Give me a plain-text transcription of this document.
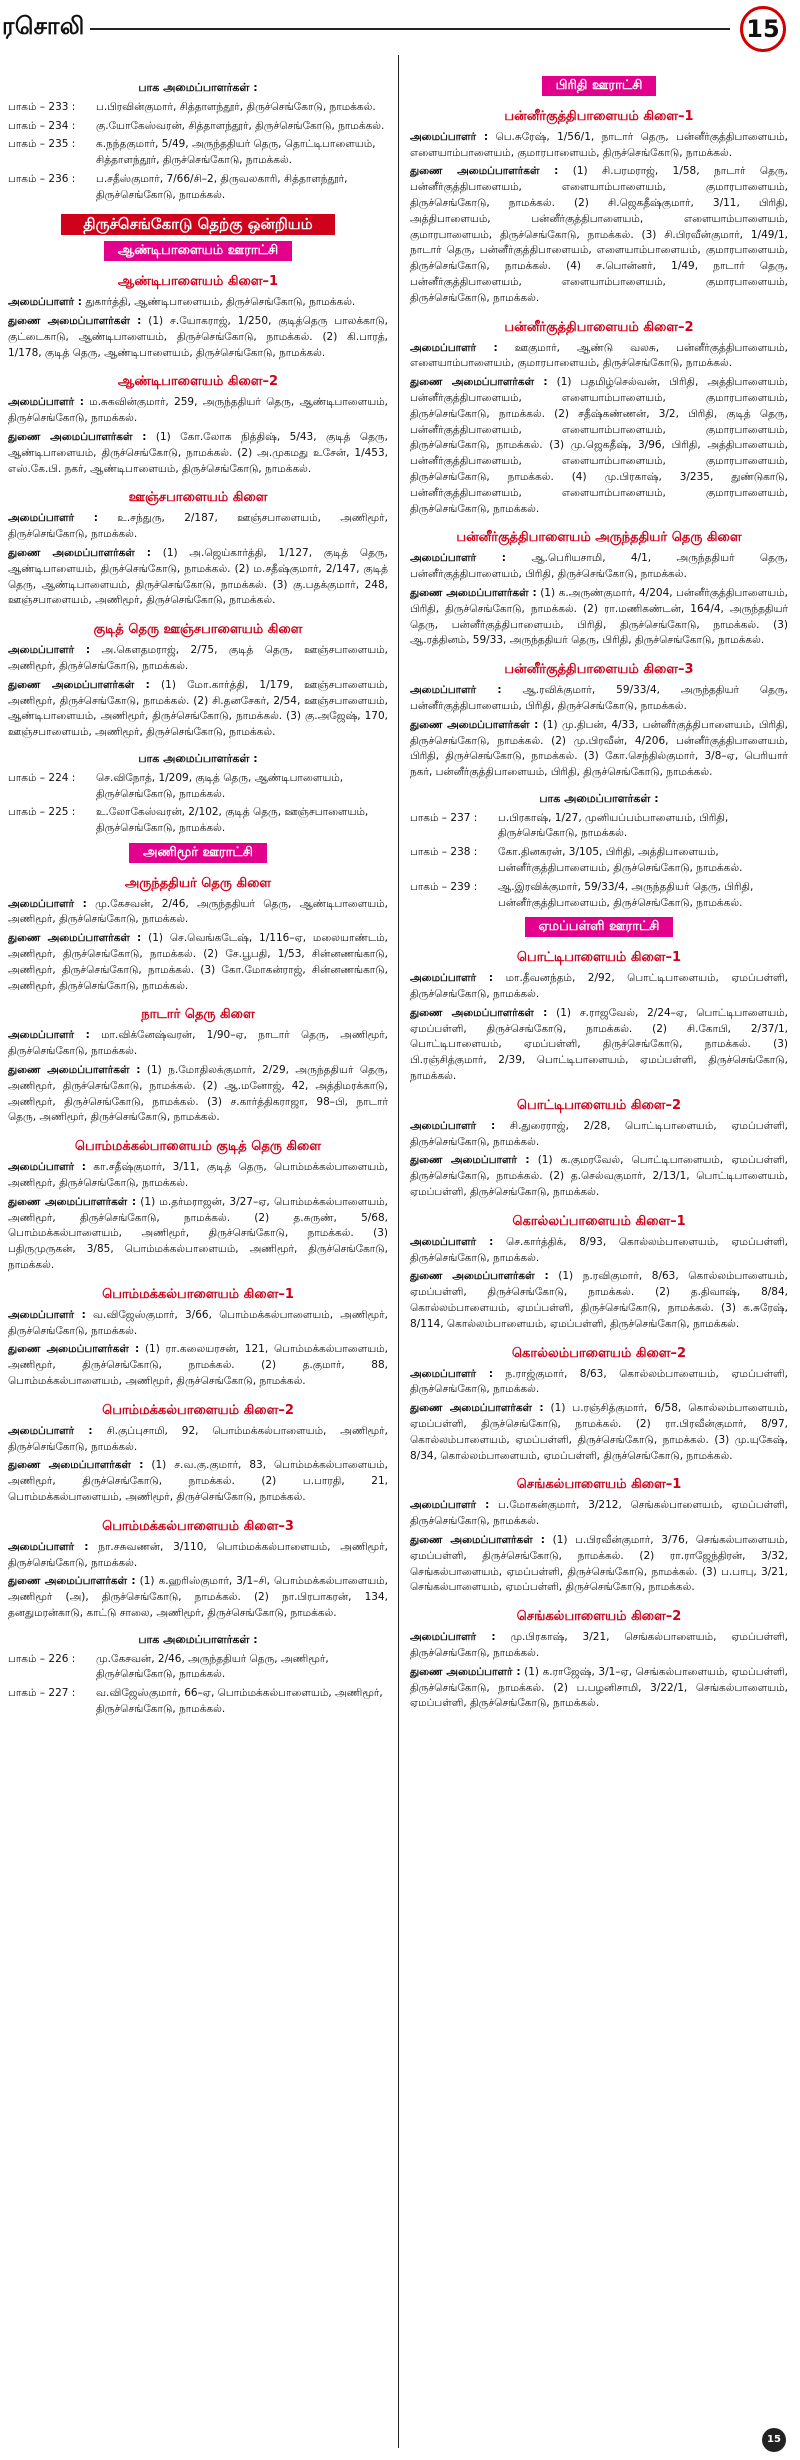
ரசொலி	15
பாக அமைப்பாளர்கள் :
பாகம் – 233 :	ப.பிரவின்குமார், சித்தாளந்தூர், திருச்செங்கோடு, நாமக்கல்.
பாகம் – 234 :	கு.யோகேஸ்வரன், சித்தாளந்தூர், திருச்செங்கோடு, நாமக்கல்.
பாகம் – 235 :	க.நந்தகுமார், 5/49, அருந்ததியர் தெரு, தொட்டிபாளையம், சித்தாளந்தூர், திருச்செங்கோடு, நாமக்கல்.
பாகம் – 236 :	ப.சதீஸ்குமார், 7/66/சி–2, திருவலகாரி, சித்தாளந்தூர், திருச்செங்கோடு, நாமக்கல்.
திருச்செங்கோடு தெற்கு ஒன்றியம்
ஆண்டிபாளையம் ஊராட்சி
ஆண்டிபாளையம் கிளை–1
அமைப்பாளர் : துகார்த்தி, ஆண்டிபாளையம், திருச்செங்கோடு, நாமக்கல்.
துணை அமைப்பாளர்கள் : (1) ச.யோகராஜ், 1/250, குடித்தெரு பாலக்காடு, குட்டைகாடு, ஆண்டிபாளையம், திருச்செங்கோடு, நாமக்கல். (2) கி.பாரத், 1/178, குடித் தெரு, ஆண்டிபாளையம், திருச்செங்கோடு, நாமக்கல்.
ஆண்டிபாளையம் கிளை–2
அமைப்பாளர் : ம.சுகவின்குமார், 259, அருந்ததியர் தெரு, ஆண்டிபாளையம், திருச்செங்கோடு, நாமக்கல்.
துணை அமைப்பாளர்கள் : (1) கோ.லோக நித்திஷ், 5/43, குடித் தெரு, ஆண்டிபாளையம், திருச்செங்கோடு, நாமக்கல். (2) அ.முகமது உசேன், 1/453, எஸ்.கே.பி. நகர், ஆண்டிபாளையம், திருச்செங்கோடு, நாமக்கல்.
ஊஞ்சபாளையம் கிளை
அமைப்பாளர் : உ.சந்துரு, 2/187, ஊஞ்சபாளையம், அணிமூர், திருச்செங்கோடு, நாமக்கல்.
துணை அமைப்பாளர்கள் : (1) அ.ஜெய்கார்த்தி, 1/127, குடித் தெரு, ஆண்டிபாளையம், திருச்செங்கோடு, நாமக்கல். (2) ம.சதீஷ்குமார், 2/147, குடித் தெரு, ஆண்டிபாளையம், திருச்செங்கோடு, நாமக்கல். (3) கு.பதக்குமார், 248, ஊஞ்சபாளையம், அணிமூர், திருச்செங்கோடு, நாமக்கல்.
குடித் தெரு ஊஞ்சபாளையம் கிளை
அமைப்பாளர் : அ.கௌதமராஜ், 2/75, குடித் தெரு, ஊஞ்சபாளையம், அணிமூர், திருச்செங்கோடு, நாமக்கல்.
துணை அமைப்பாளர்கள் : (1) மோ.கார்த்தி, 1/179, ஊஞ்சபாளையம், அணிமூர், திருச்செங்கோடு, நாமக்கல். (2) சி.தனசேகர், 2/54, ஊஞ்சபாளையம், ஆண்டிபாளையம், அணிமூர், திருச்செங்கோடு, நாமக்கல். (3) கு.அஜேஷ், 170, ஊஞ்சபாளையம், அணிமூர், திருச்செங்கோடு, நாமக்கல்.
பாக அமைப்பாளர்கள் :
பாகம் – 224 :	செ.விநோத், 1/209, குடித் தெரு, ஆண்டிபாளையம், திருச்செங்கோடு, நாமக்கல்.
பாகம் – 225 :	உ.லோகேஸ்வரன், 2/102, குடித் தெரு, ஊஞ்சபாளையம், திருச்செங்கோடு, நாமக்கல்.
அணிமூர் ஊராட்சி
அருந்ததியர் தெரு கிளை
அமைப்பாளர் : மு.கேசவன், 2/46, அருந்ததியர் தெரு, ஆண்டிபாளையம், அணிமூர், திருச்செங்கோடு, நாமக்கல்.
துணை அமைப்பாளர்கள் : (1) செ.வெங்கடேஷ், 1/116–ஏ, மலையாண்டம், அணிமூர், திருச்செங்கோடு, நாமக்கல். (2) சே.பூபதி, 1/53, சின்னணங்காடு, அணிமூர், திருச்செங்கோடு, நாமக்கல். (3) கோ.மோகன்ராஜ், சின்னணங்காடு, அணிமூர், திருச்செங்கோடு, நாமக்கல்.
நாடார் தெரு கிளை
அமைப்பாளர் : மா.விக்னேஷ்வரன், 1/90–ஏ, நாடார் தெரு, அணிமூர், திருச்செங்கோடு, நாமக்கல்.
துணை அமைப்பாளர்கள் : (1) ந.மோதிலக்குமார், 2/29, அருந்ததியர் தெரு, அணிமூர், திருச்செங்கோடு, நாமக்கல். (2) ஆ.மனோஜ், 42, அத்திமரக்காடு, அணிமூர், திருச்செங்கோடு, நாமக்கல். (3) ச.கார்த்திகராஜா, 98–பி, நாடார் தெரு, அணிமூர், திருச்செங்கோடு, நாமக்கல்.
பொம்மக்கல்பாளையம் குடித் தெரு கிளை
அமைப்பாளர் : கா.சதீஷ்குமார், 3/11, குடித் தெரு, பொம்மக்கல்பாளையம், அணிமூர், திருச்செங்கோடு, நாமக்கல்.
துணை அமைப்பாளர்கள் : (1) ம.தர்மராஜன், 3/27–ஏ, பொம்மக்கல்பாளையம், அணிமூர், திருச்செங்கோடு, நாமக்கல். (2) த.சுருண், 5/68, பொம்மக்கல்பாளையம், அணிமூர், திருச்செங்கோடு, நாமக்கல். (3) பதிருமுருகன், 3/85, பொம்மக்கல்பாளையம், அணிமூர், திருச்செங்கோடு, நாமக்கல்.
பொம்மக்கல்பாளையம் கிளை–1
அமைப்பாளர் : வ.விஜேஸ்குமார், 3/66, பொம்மக்கல்பாளையம், அணிமூர், திருச்செங்கோடு, நாமக்கல்.
துணை அமைப்பாளர்கள் : (1) ரா.கலையரசன், 121, பொம்மக்கல்பாளையம், அணிமூர், திருச்செங்கோடு, நாமக்கல். (2) த.குமார், 88, பொம்மக்கல்பாளையம், அணிமூர், திருச்செங்கோடு, நாமக்கல்.
பொம்மக்கல்பாளையம் கிளை–2
அமைப்பாளர் : சி.குப்புசாமி, 92, பொம்மக்கல்பாளையம், அணிமூர், திருச்செங்கோடு, நாமக்கல்.
துணை அமைப்பாளர்கள் : (1) ச.வ.கு.குமார், 83, பொம்மக்கல்பாளையம், அணிமூர், திருச்செங்கோடு, நாமக்கல். (2) ப.பாரதி, 21, பொம்மக்கல்பாளையம், அணிமூர், திருச்செங்கோடு, நாமக்கல்.
பொம்மக்கல்பாளையம் கிளை–3
அமைப்பாளர் : நா.சசுவணன், 3/110, பொம்மக்கல்பாளையம், அணிமூர், திருச்செங்கோடு, நாமக்கல்.
துணை அமைப்பாளர்கள் : (1) க.ஹரிஸ்குமார், 3/1–சி, பொம்மக்கல்பாளையம், அணிமூர் (அ), திருச்செங்கோடு, நாமக்கல். (2) நா.பிரபாகரன், 134, தனதுமரன்காடு, காட்டு சாலை, அணிமூர், திருச்செங்கோடு, நாமக்கல்.
பாக அமைப்பாளர்கள் :
பாகம் – 226 :	மு.கேசவன், 2/46, அருந்ததியர் தெரு, அணிமூர், திருச்செங்கோடு, நாமக்கல்.
பாகம் – 227 :	வ.விஜேஸ்குமார், 66–ஏ, பொம்மக்கல்பாளையம், அணிமூர், திருச்செங்கோடு, நாமக்கல்.
பிரிதி ஊராட்சி
பன்னீர்குத்திபாளையம் கிளை–1
அமைப்பாளர் : பெ.சுரேஷ், 1/56/1, நாடார் தெரு, பன்னீர்குத்திபாளையம், எளையாம்பாளையம், குமாரபாளையம், திருச்செங்கோடு, நாமக்கல்.
துணை அமைப்பாளர்கள் : (1) சி.பரமராஜ், 1/58, நாடார் தெரு, பன்னீர்குத்திபாளையம், எளையாம்பாளையம், குமாரபாளையம், திருச்செங்கோடு, நாமக்கல். (2) சி.ஜெகதீஷ்குமார், 3/11, பிரிதி, அத்திபாளையம், பன்னீர்குத்திபாளையம், எளையாம்பாளையம், குமாரபாளையம், திருச்செங்கோடு, நாமக்கல். (3) சி.பிரவீன்குமார், 1/49/1, நாடார் தெரு, பன்னீர்குத்திபாளையம், எளையாம்பாளையம், குமாரபாளையம், திருச்செங்கோடு, நாமக்கல். (4) ச.பொன்னர், 1/49, நாடார் தெரு, பன்னீர்குத்திபாளையம், எளையாம்பாளையம், குமாரபாளையம், திருச்செங்கோடு, நாமக்கல்.
பன்னீர்குத்திபாளையம் கிளை–2
அமைப்பாளர் : ஊகுமார், ஆண்டு வலசு, பன்னீர்குத்திபாளையம், எளையாம்பாளையம், குமாரபாளையம், திருச்செங்கோடு, நாமக்கல்.
துணை அமைப்பாளர்கள் : (1) பதமிழ்செல்வன், பிரிதி, அத்திபாளையம், பன்னீர்குத்திபாளையம், எளையாம்பாளையம், குமாரபாளையம், திருச்செங்கோடு, நாமக்கல். (2) சதீஷ்கண்ணன், 3/2, பிரிதி, குடித் தெரு, பன்னீர்குத்திபாளையம், எளையாம்பாளையம், குமாரபாளையம், திருச்செங்கோடு, நாமக்கல். (3) மு.ஜெகதீஷ், 3/96, பிரிதி, அத்திபாளையம், பன்னீர்குத்திபாளையம், எளையாம்பாளையம், குமாரபாளையம், திருச்செங்கோடு, நாமக்கல். (4) மு.பிரகாஷ், 3/235, துண்டுகாடு, பன்னீர்குத்திபாளையம், எளையாம்பாளையம், குமாரபாளையம், திருச்செங்கோடு, நாமக்கல்.
பன்னீர்குத்திபாளையம் அருந்ததியர் தெரு கிளை
அமைப்பாளர் : ஆ.பெரியசாமி, 4/1, அருந்ததியர் தெரு, பன்னீர்குத்திபாளையம், பிரிதி, திருச்செங்கோடு, நாமக்கல்.
துணை அமைப்பாளர்கள் : (1) க.அருண்குமார், 4/204, பன்னீர்குத்திபாளையம், பிரிதி, திருச்செங்கோடு, நாமக்கல். (2) ரா.மணிகண்டன், 164/4, அருந்ததியர் தெரு, பன்னீர்குத்திபாளையம், பிரிதி, திருச்செங்கோடு, நாமக்கல். (3) ஆ.ரத்தினம், 59/33, அருந்ததியர் தெரு, பிரிதி, திருச்செங்கோடு, நாமக்கல்.
பன்னீர்குத்திபாளையம் கிளை–3
அமைப்பாளர் : ஆ.ரவிக்குமார், 59/33/4, அருந்ததியர் தெரு, பன்னீர்குத்திபாளையம், பிரிதி, திருச்செங்கோடு, நாமக்கல்.
துணை அமைப்பாளர்கள் : (1) மு.திபன், 4/33, பன்னீர்குத்திபாளையம், பிரிதி, திருச்செங்கோடு, நாமக்கல். (2) மு.பிரவீன், 4/206, பன்னீர்குத்திபாளையம், பிரிதி, திருச்செங்கோடு, நாமக்கல். (3) கோ.செந்தில்குமார், 3/8–ஏ, பெரியார் நகர், பன்னீர்குத்திபாளையம், பிரிதி, திருச்செங்கோடு, நாமக்கல்.
பாக அமைப்பாளர்கள் :
பாகம் – 237 :	ப.பிரகாஷ், 1/27, முனியப்பம்பாளையம், பிரிதி, திருச்செங்கோடு, நாமக்கல்.
பாகம் – 238 :	கோ.தினகரன், 3/105, பிரிதி, அத்திபாளையம், பன்னீர்குத்திபாளையம், திருச்செங்கோடு, நாமக்கல்.
பாகம் – 239 :	ஆ.இரவிக்குமார், 59/33/4, அருந்ததியர் தெரு, பிரிதி, பன்னீர்குத்திபாளையம், திருச்செங்கோடு, நாமக்கல்.
ஏமப்பள்ளி ஊராட்சி
பொட்டிபாளையம் கிளை–1
அமைப்பாளர் : மா.தீவனந்தம், 2/92, பொட்டிபாளையம், ஏமப்பள்ளி, திருச்செங்கோடு, நாமக்கல்.
துணை அமைப்பாளர்கள் : (1) ச.ராஜவேல், 2/24–ஏ, பொட்டிபாளையம், ஏமப்பள்ளி, திருச்செங்கோடு, நாமக்கல். (2) சி.கோபி, 2/37/1, பொட்டிபாளையம், ஏமப்பள்ளி, திருச்செங்கோடு, நாமக்கல். (3) பி.ரஞ்சித்குமார், 2/39, பொட்டிபாளையம், ஏமப்பள்ளி, திருச்செங்கோடு, நாமக்கல்.
பொட்டிபாளையம் கிளை–2
அமைப்பாளர் : சி.துரைராஜ், 2/28, பொட்டிபாளையம், ஏமப்பள்ளி, திருச்செங்கோடு, நாமக்கல்.
துணை அமைப்பாளர் : (1) க.குமரவேல், பொட்டிபாளையம், ஏமப்பள்ளி, திருச்செங்கோடு, நாமக்கல். (2) த.செல்வகுமார், 2/13/1, பொட்டிபாளையம், ஏமப்பள்ளி, திருச்செங்கோடு, நாமக்கல்.
கொல்லப்பாளையம் கிளை–1
அமைப்பாளர் : செ.கார்த்திக், 8/93, கொல்லம்பாளையம், ஏமப்பள்ளி, திருச்செங்கோடு, நாமக்கல்.
துணை அமைப்பாளர்கள் : (1) ந.ரவிகுமார், 8/63, கொல்லம்பாளையம், ஏமப்பள்ளி, திருச்செங்கோடு, நாமக்கல். (2) த.திவாஷ், 8/84, கொல்லம்பாளையம், ஏமப்பள்ளி, திருச்செங்கோடு, நாமக்கல். (3) க.சுரேஷ், 8/114, கொல்லம்பாளையம், ஏமப்பள்ளி, திருச்செங்கோடு, நாமக்கல்.
கொல்லம்பாளையம் கிளை–2
அமைப்பாளர் : ந.ராஜ்குமார், 8/63, கொல்லம்பாளையம், ஏமப்பள்ளி, திருச்செங்கோடு, நாமக்கல்.
துணை அமைப்பாளர்கள் : (1) ப.ரஞ்சித்குமார், 6/58, கொல்லம்பாளையம், ஏமப்பள்ளி, திருச்செங்கோடு, நாமக்கல். (2) ரா.பிரவீன்குமார், 8/97, கொல்லம்பாளையம், ஏமப்பள்ளி, திருச்செங்கோடு, நாமக்கல். (3) மு.யுகேஷ், 8/34, கொல்லம்பாளையம், ஏமப்பள்ளி, திருச்செங்கோடு, நாமக்கல்.
செங்கல்பாளையம் கிளை–1
அமைப்பாளர் : ப.மோகன்குமார், 3/212, செங்கல்பாளையம், ஏமப்பள்ளி, திருச்செங்கோடு, நாமக்கல்.
துணை அமைப்பாளர்கள் : (1) ப.பிரவீன்குமார், 3/76, செங்கல்பாளையம், ஏமப்பள்ளி, திருச்செங்கோடு, நாமக்கல். (2) ரா.ராஜேந்திரன், 3/32, செங்கல்பாளையம், ஏமப்பள்ளி, திருச்செங்கோடு, நாமக்கல். (3) ப.பாபு, 3/21, செங்கல்பாளையம், ஏமப்பள்ளி, திருச்செங்கோடு, நாமக்கல்.
செங்கல்பாளையம் கிளை–2
அமைப்பாளர் : மு.பிரகாஷ், 3/21, செங்கல்பாளையம், ஏமப்பள்ளி, திருச்செங்கோடு, நாமக்கல்.
துணை அமைப்பாளர் : (1) க.ராஜேஷ், 3/1–ஏ, செங்கல்பாளையம், ஏமப்பள்ளி, திருச்செங்கோடு, நாமக்கல். (2) ப.பழனிசாமி, 3/22/1, செங்கல்பாளையம், ஏமப்பள்ளி, திருச்செங்கோடு, நாமக்கல்.
15
